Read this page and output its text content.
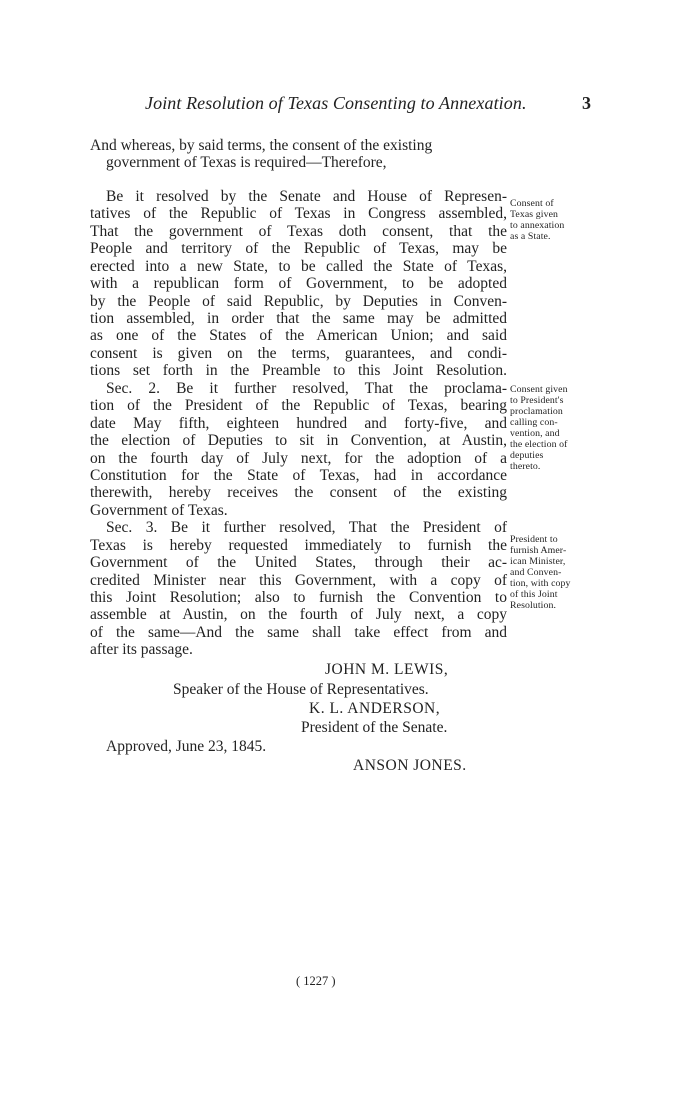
Joint Resolution of Texas Consenting to Annexation.	3
And whereas, by said terms, the consent of the existing
government of Texas is required—Therefore,
Be it resolved by the Senate and House of Represen-
tatives of the Republic of Texas in Congress assembled,
That the government of Texas doth consent, that the
People and territory of the Republic of Texas, may be
erected into a new State, to be called the State of Texas,
with a republican form of Government, to be adopted
by the People of said Republic, by Deputies in Conven-
tion assembled, in order that the same may be admitted
as one of the States of the American Union; and said
consent is given on the terms, guarantees, and condi-
tions set forth in the Preamble to this Joint Resolution.
Sec. 2. Be it further resolved, That the proclama-
tion of the President of the Republic of Texas, bearing
date May fifth, eighteen hundred and forty-five, and
the election of Deputies to sit in Convention, at Austin,
on the fourth day of July next, for the adoption of a
Constitution for the State of Texas, had in accordance
therewith, hereby receives the consent of the existing
Government of Texas.
Sec. 3. Be it further resolved, That the President of
Texas is hereby requested immediately to furnish the
Government of the United States, through their ac-
credited Minister near this Government, with a copy of
this Joint Resolution; also to furnish the Convention to
assemble at Austin, on the fourth of July next, a copy
of the same—And the same shall take effect from and
after its passage.
Consent of
Texas given
to annexation
as a State.
Consent given
to President's
proclamation
calling con-
vention, and
the election of
deputies
thereto.
President to
furnish Amer-
ican Minister,
and Conven-
tion, with copy
of this Joint
Resolution.
JOHN M. LEWIS,
Speaker of the House of Representatives.
K. L. ANDERSON,
President of the Senate.
Approved, June 23, 1845.
ANSON JONES.
( 1227 )
